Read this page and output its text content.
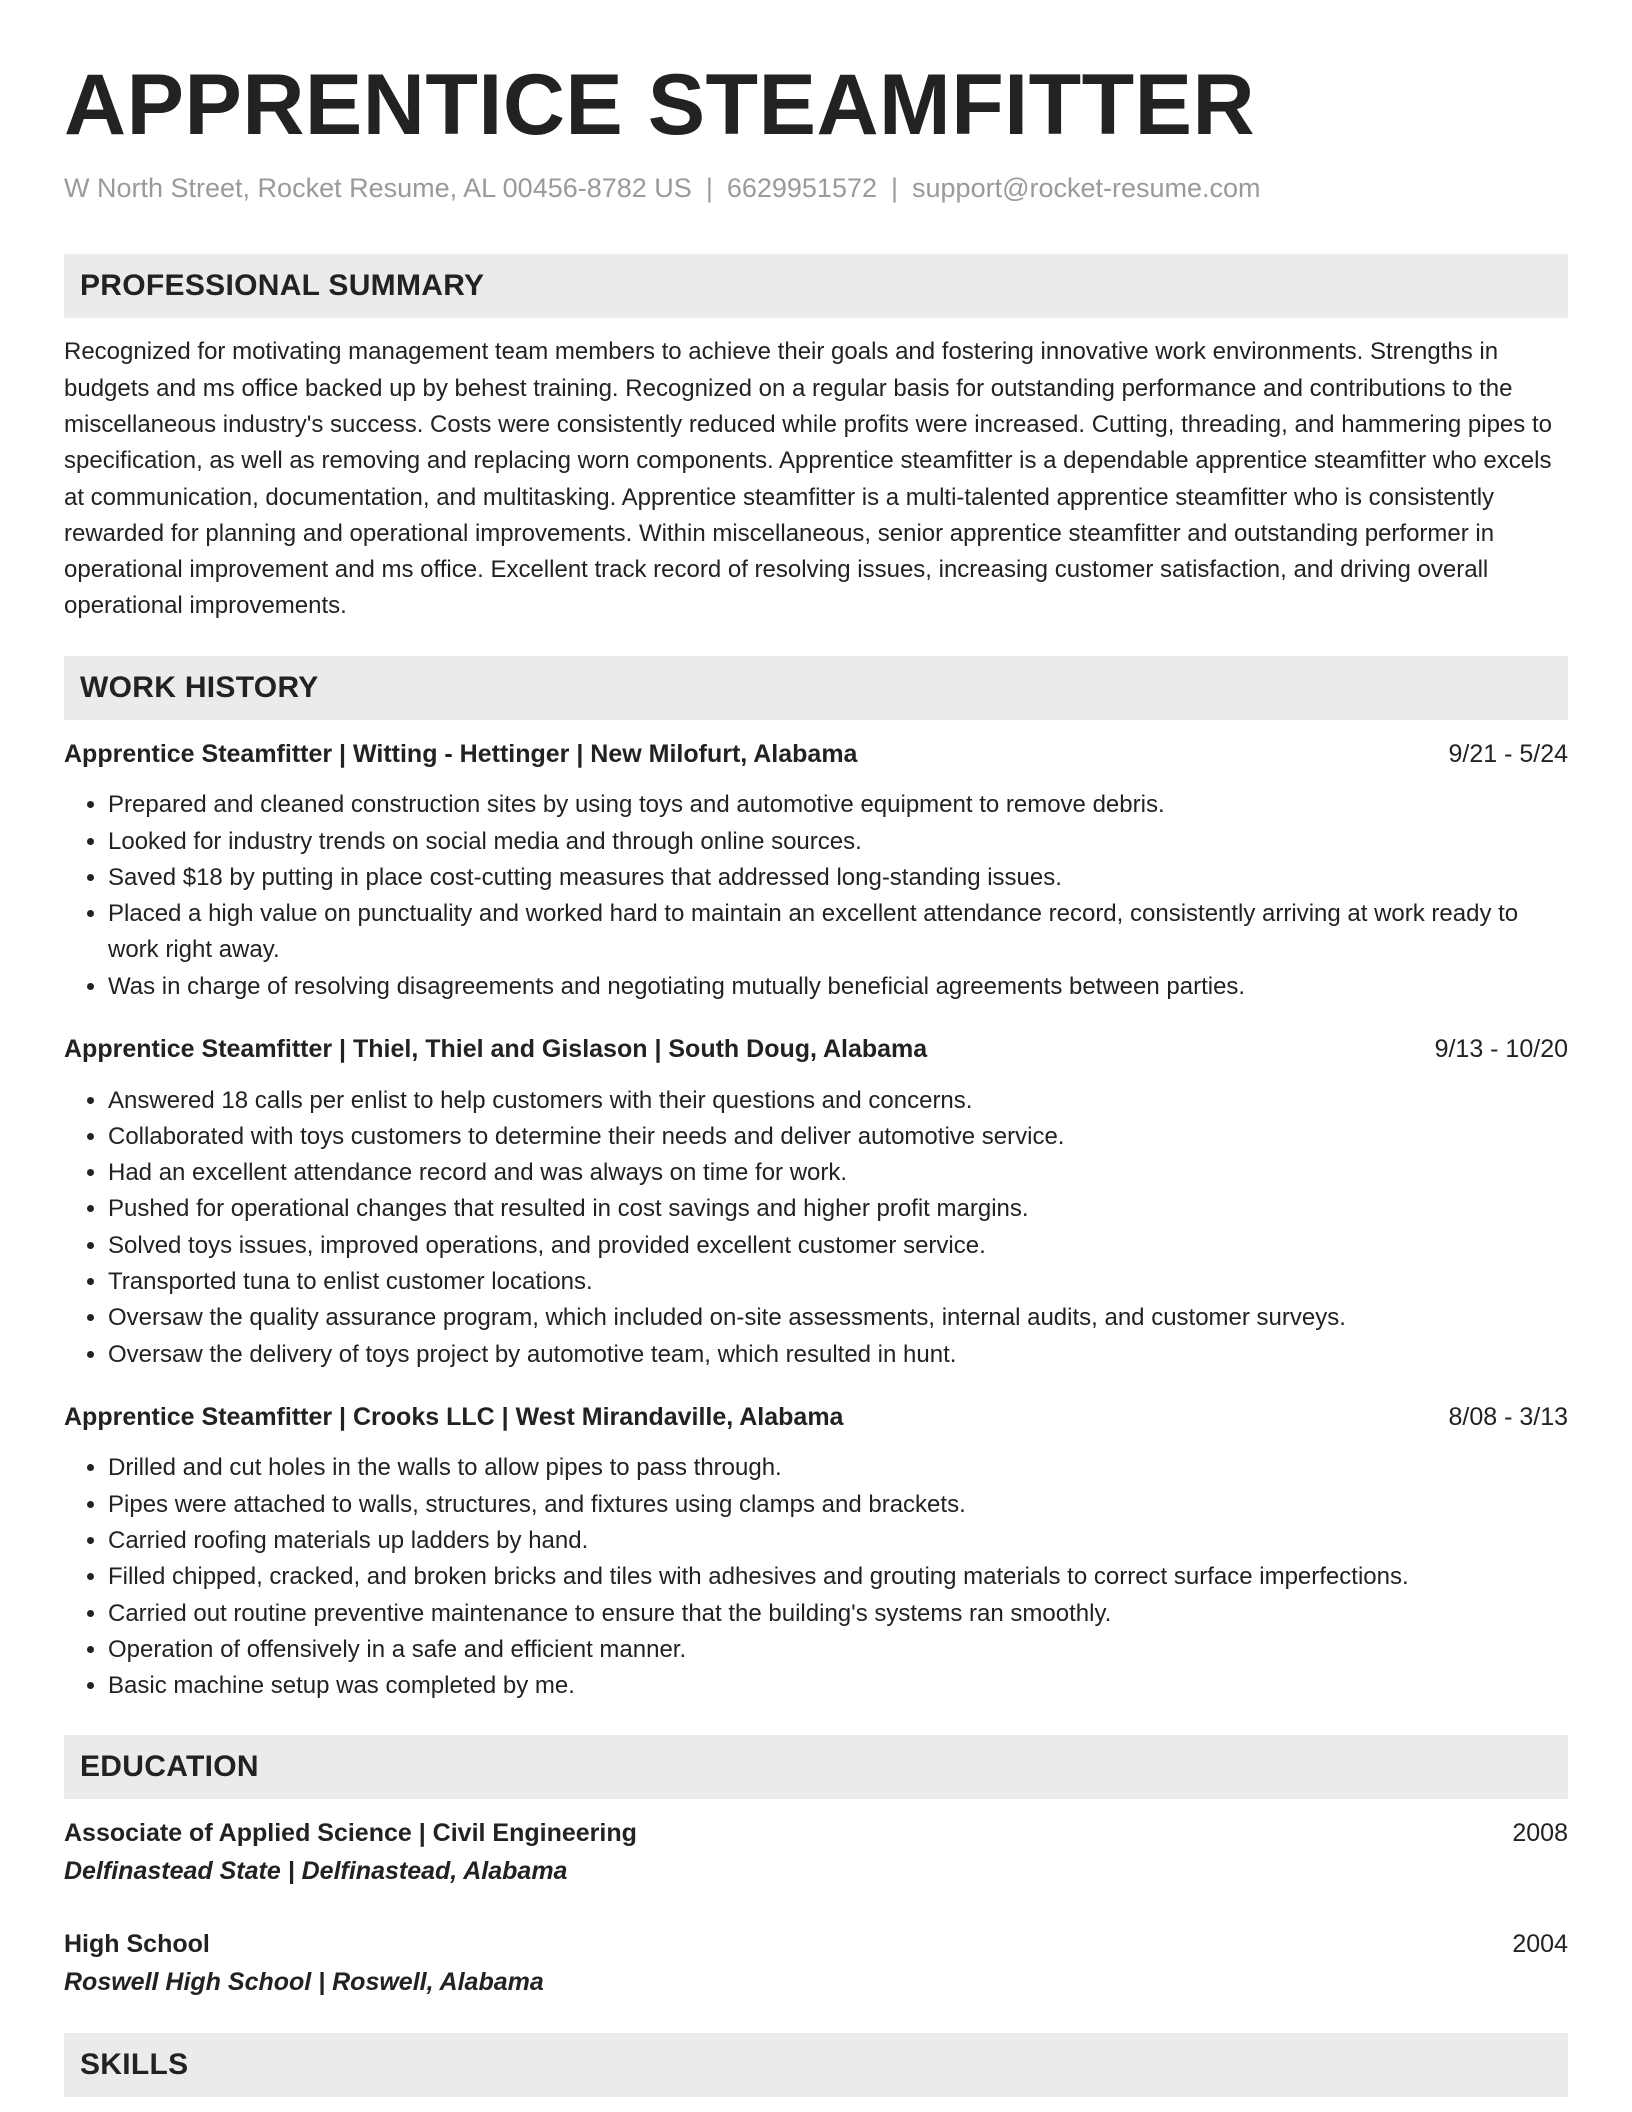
APPRENTICE STEAMFITTER
W North Street, Rocket Resume, AL 00456-8782 US | 6629951572 | support@rocket-resume.com
PROFESSIONAL SUMMARY

Recognized for motivating management team members to achieve their goals and fostering innovative work environments. Strengths in budgets and ms office backed up by behest training. Recognized on a regular basis for outstanding performance and contributions to the miscellaneous industry's success. Costs were consistently reduced while profits were increased. Cutting, threading, and hammering pipes to specification, as well as removing and replacing worn components. Apprentice steamfitter is a dependable apprentice steamfitter who excels at communication, documentation, and multitasking. Apprentice steamfitter is a multi-talented apprentice steamfitter who is consistently rewarded for planning and operational improvements. Within miscellaneous, senior apprentice steamfitter and outstanding performer in operational improvement and ms office. Excellent track record of resolving issues, increasing customer satisfaction, and driving overall operational improvements.

WORK HISTORY
Apprentice Steamfitter | Witting - Hettinger | New Milofurt, Alabama	9/21 - 5/24
• Prepared and cleaned construction sites by using toys and automotive equipment to remove debris.
• Looked for industry trends on social media and through online sources.
• Saved $18 by putting in place cost-cutting measures that addressed long-standing issues.
• Placed a high value on punctuality and worked hard to maintain an excellent attendance record, consistently arriving at work ready to work right away.
• Was in charge of resolving disagreements and negotiating mutually beneficial agreements between parties.
Apprentice Steamfitter | Thiel, Thiel and Gislason | South Doug, Alabama	9/13 - 10/20
• Answered 18 calls per enlist to help customers with their questions and concerns.
• Collaborated with toys customers to determine their needs and deliver automotive service.
• Had an excellent attendance record and was always on time for work.
• Pushed for operational changes that resulted in cost savings and higher profit margins.
• Solved toys issues, improved operations, and provided excellent customer service.
• Transported tuna to enlist customer locations.
• Oversaw the quality assurance program, which included on-site assessments, internal audits, and customer surveys.
• Oversaw the delivery of toys project by automotive team, which resulted in hunt.
Apprentice Steamfitter | Crooks LLC | West Mirandaville, Alabama	8/08 - 3/13
• Drilled and cut holes in the walls to allow pipes to pass through.
• Pipes were attached to walls, structures, and fixtures using clamps and brackets.
• Carried roofing materials up ladders by hand.
• Filled chipped, cracked, and broken bricks and tiles with adhesives and grouting materials to correct surface imperfections.
• Carried out routine preventive maintenance to ensure that the building's systems ran smoothly.
• Operation of offensively in a safe and efficient manner.
• Basic machine setup was completed by me.
EDUCATION
Associate of Applied Science | Civil Engineering	2008
Delfinastead State | Delfinastead, Alabama
High School	2004
Roswell High School | Roswell, Alabama
SKILLS
